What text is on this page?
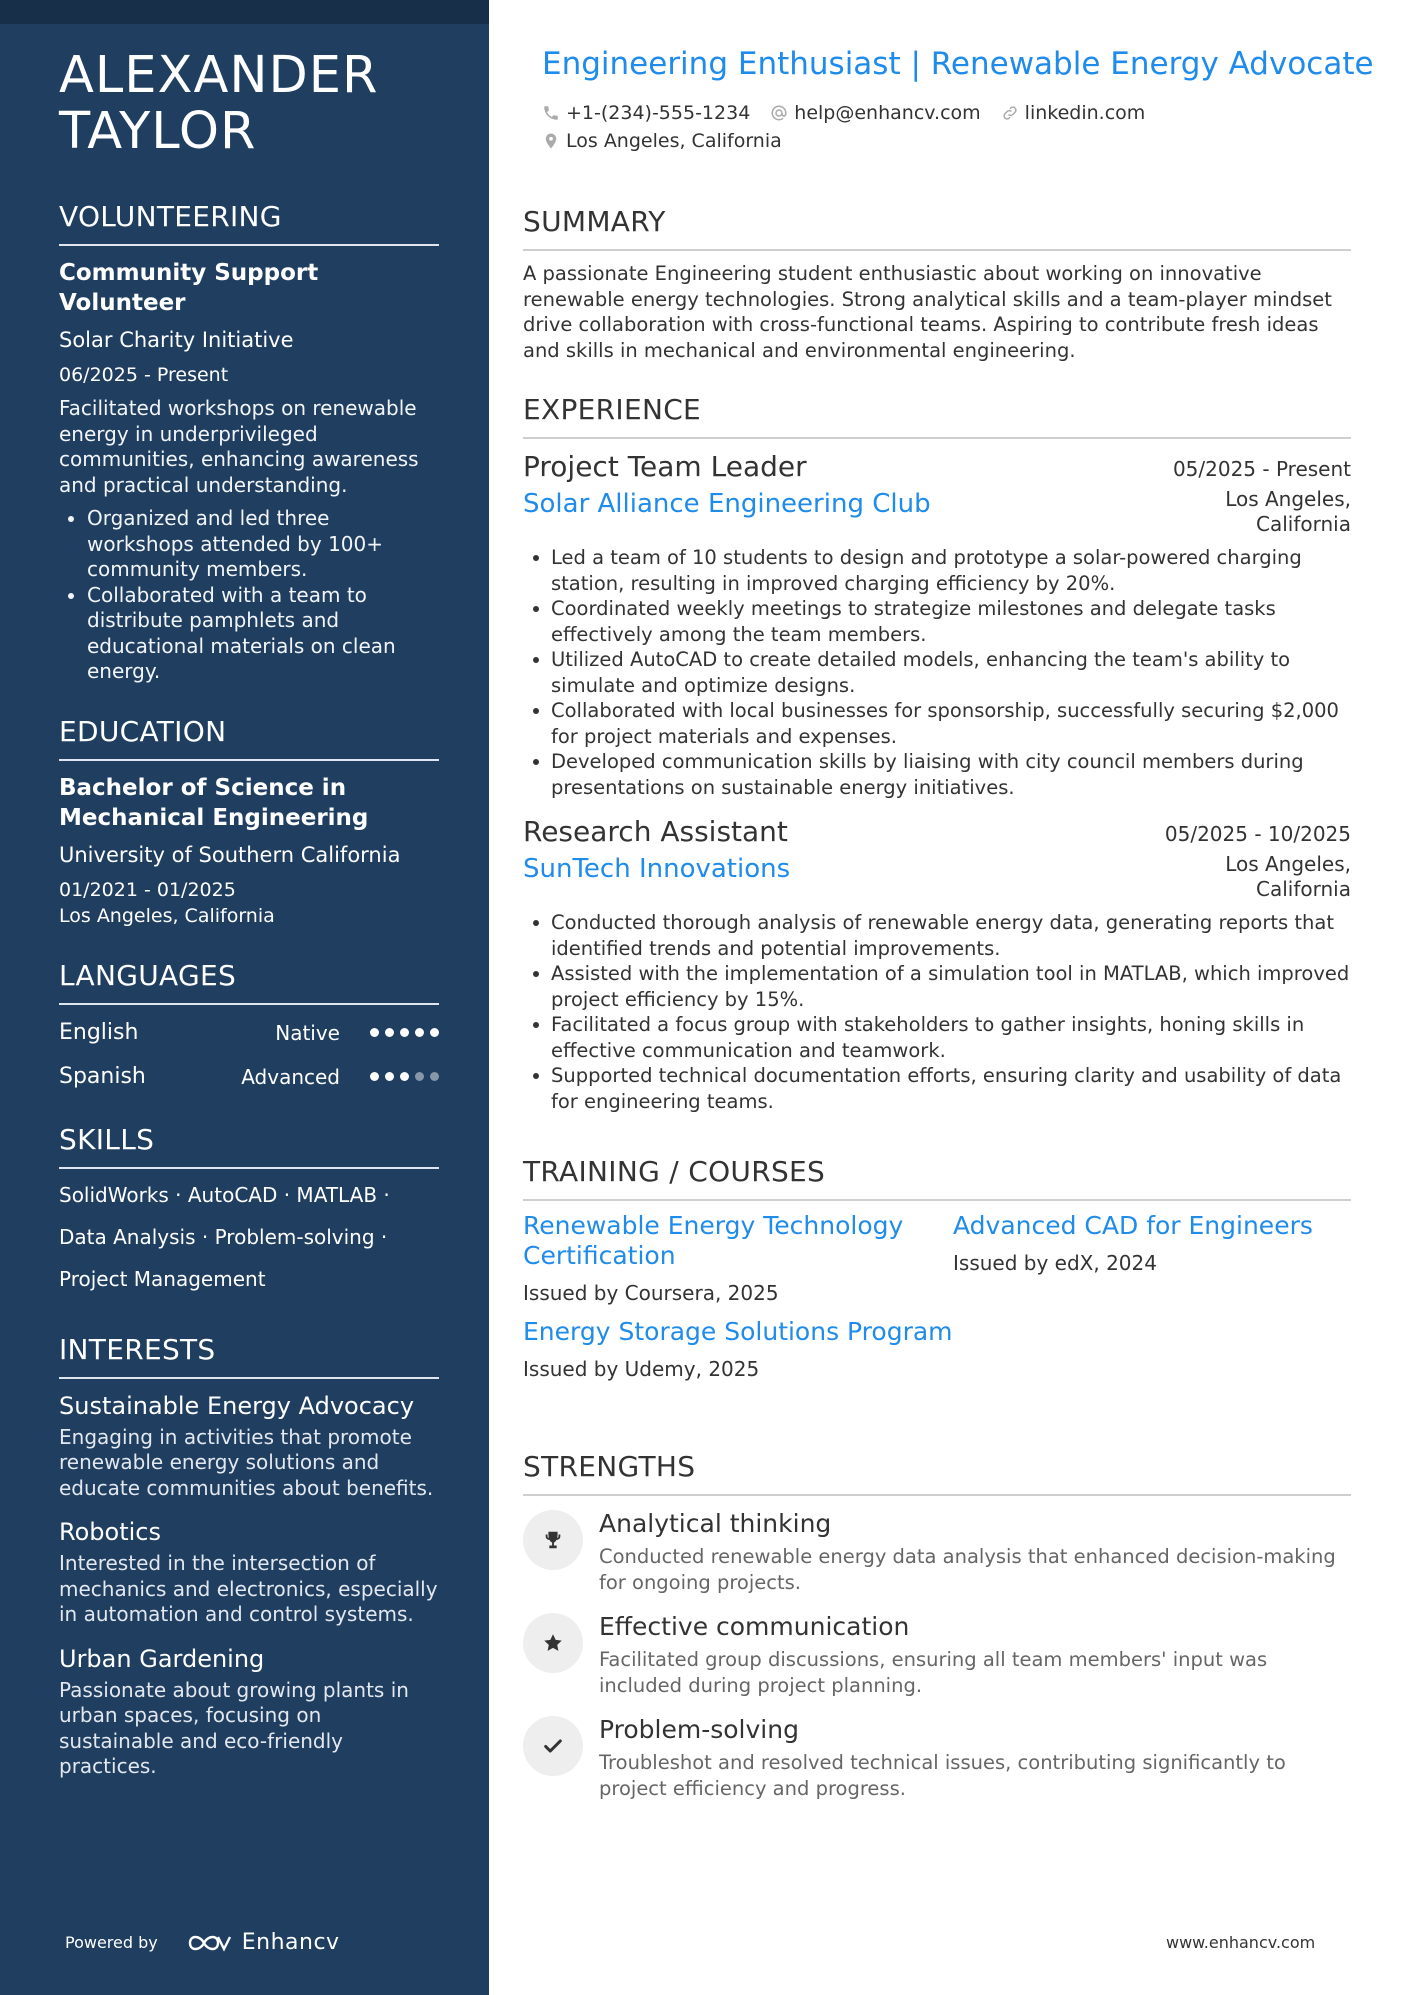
ALEXANDER
TAYLOR
VOLUNTEERING
Community Support Volunteer
Solar Charity Initiative
06/2025 - Present
Facilitated workshops on renewable energy in underprivileged communities, enhancing awareness and practical understanding.
Organized and led three workshops attended by 100+ community members.
Collaborated with a team to distribute pamphlets and educational materials on clean energy.
EDUCATION
Bachelor of Science in Mechanical Engineering
University of Southern California
01/2021 - 01/2025
Los Angeles, California
LANGUAGES
English	Native
Spanish	Advanced
SKILLS
SolidWorks · AutoCAD · MATLAB ·
Data Analysis · Problem-solving ·
Project Management
INTERESTS
Sustainable Energy Advocacy
Engaging in activities that promote renewable energy solutions and educate communities about benefits.
Robotics
Interested in the intersection of mechanics and electronics, especially in automation and control systems.
Urban Gardening
Passionate about growing plants in urban spaces, focusing on sustainable and eco-friendly practices.
Powered by	Enhancv
Engineering Enthusiast | Renewable Energy Advocate
+1-(234)-555-1234 help@enhancv.com linkedin.com
Los Angeles, California
SUMMARY
A passionate Engineering student enthusiastic about working on innovative renewable energy technologies. Strong analytical skills and a team-player mindset drive collaboration with cross-functional teams. Aspiring to contribute fresh ideas and skills in mechanical and environmental engineering.
EXPERIENCE
Project Team Leader	05/2025 - Present
Solar Alliance Engineering Club	Los Angeles, California
Led a team of 10 students to design and prototype a solar-powered charging station, resulting in improved charging efficiency by 20%.
Coordinated weekly meetings to strategize milestones and delegate tasks effectively among the team members.
Utilized AutoCAD to create detailed models, enhancing the team's ability to simulate and optimize designs.
Collaborated with local businesses for sponsorship, successfully securing $2,000 for project materials and expenses.
Developed communication skills by liaising with city council members during presentations on sustainable energy initiatives.
Research Assistant	05/2025 - 10/2025
SunTech Innovations	Los Angeles, California
Conducted thorough analysis of renewable energy data, generating reports that identified trends and potential improvements.
Assisted with the implementation of a simulation tool in MATLAB, which improved project efficiency by 15%.
Facilitated a focus group with stakeholders to gather insights, honing skills in effective communication and teamwork.
Supported technical documentation efforts, ensuring clarity and usability of data for engineering teams.
TRAINING / COURSES
Renewable Energy Technology Certification
Issued by Coursera, 2025
Energy Storage Solutions Program
Issued by Udemy, 2025
Advanced CAD for Engineers
Issued by edX, 2024
STRENGTHS
Analytical thinking
Conducted renewable energy data analysis that enhanced decision-making for ongoing projects.
Effective communication
Facilitated group discussions, ensuring all team members' input was included during project planning.
Problem-solving
Troubleshot and resolved technical issues, contributing significantly to project efficiency and progress.
www.enhancv.com
